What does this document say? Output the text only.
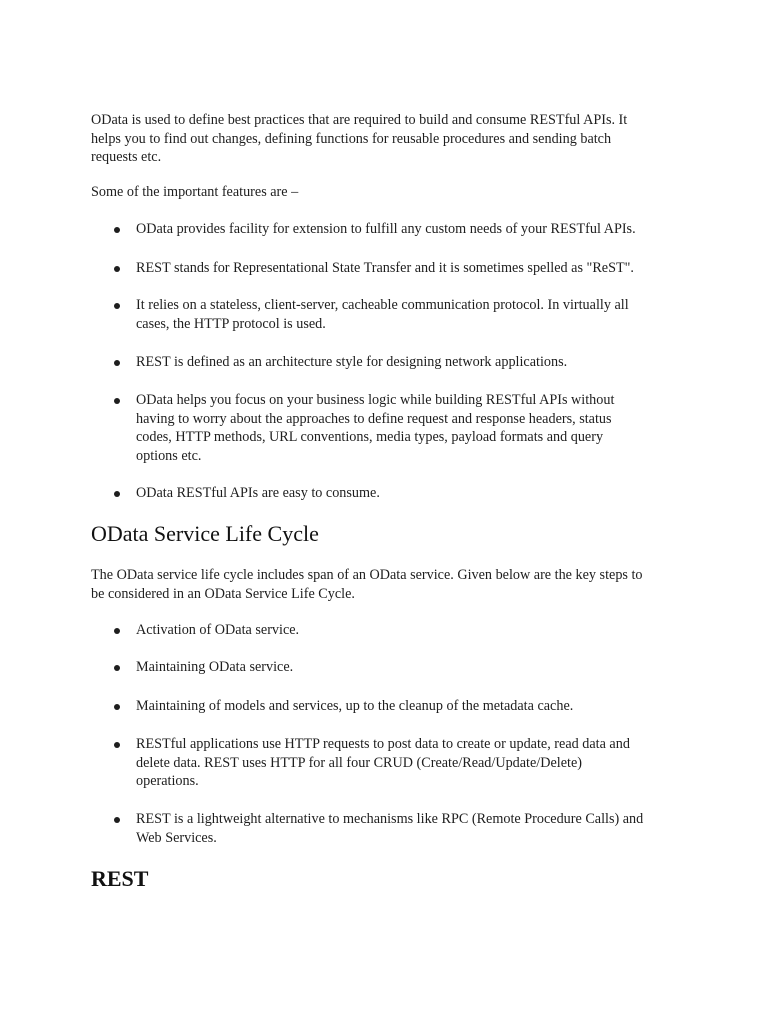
OData is used to define best practices that are required to build and consume RESTful APIs. It
helps you to find out changes, defining functions for reusable procedures and sending batch
requests etc.

Some of the important features are –

OData provides facility for extension to fulfill any custom needs of your RESTful APIs.
REST stands for Representational State Transfer and it is sometimes spelled as "ReST".
It relies on a stateless, client-server, cacheable communication protocol. In virtually all
cases, the HTTP protocol is used.
REST is defined as an architecture style for designing network applications.
OData helps you focus on your business logic while building RESTful APIs without
having to worry about the approaches to define request and response headers, status
codes, HTTP methods, URL conventions, media types, payload formats and query
options etc.
OData RESTful APIs are easy to consume.
OData Service Life Cycle

The OData service life cycle includes span of an OData service. Given below are the key steps to
be considered in an OData Service Life Cycle.

Activation of OData service.
Maintaining OData service.
Maintaining of models and services, up to the cleanup of the metadata cache.
RESTful applications use HTTP requests to post data to create or update, read data and
delete data. REST uses HTTP for all four CRUD (Create/Read/Update/Delete)
operations.
REST is a lightweight alternative to mechanisms like RPC (Remote Procedure Calls) and
Web Services.
REST
